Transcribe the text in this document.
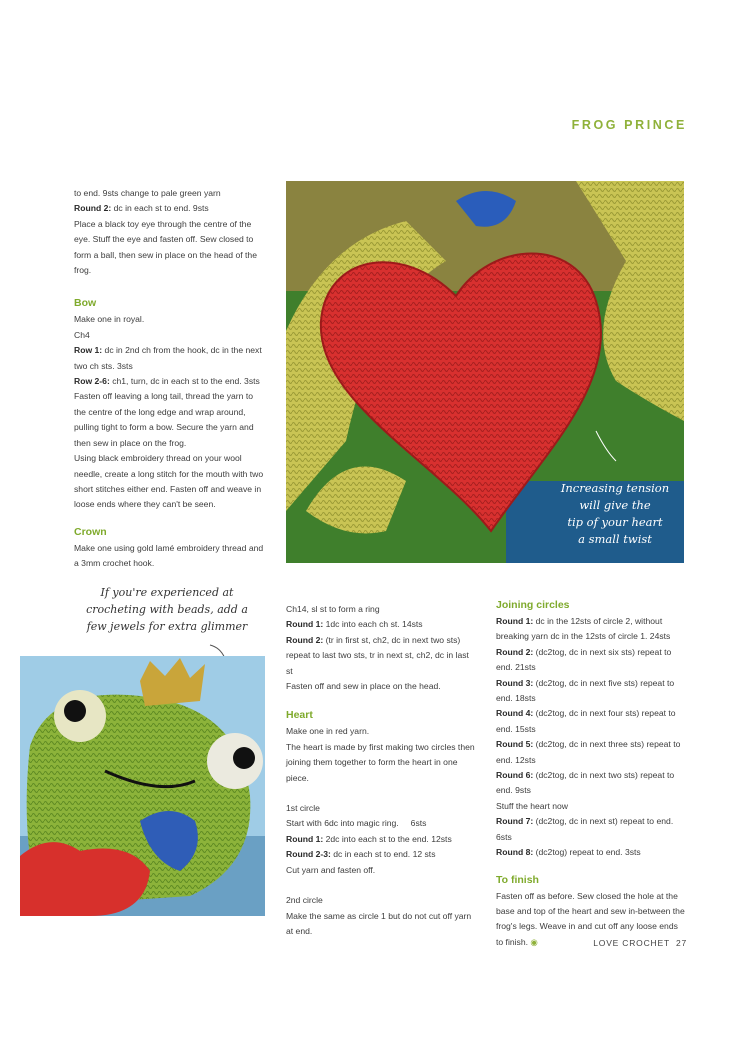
FROG PRINCE

to end. 9sts change to pale green yarn

Round 2: dc in each st to end. 9sts

Place a black toy eye through the centre of the eye. Stuff the eye and fasten off. Sew closed to form a ball, then sew in place on the head of the frog.

Bow

Make one in royal.

Ch4

Row 1: dc in 2nd ch from the hook, dc in the next two ch sts. 3sts

Row 2-6: ch1, turn, dc in each st to the end. 3sts

Fasten off leaving a long tail, thread the yarn to the centre of the long edge and wrap around, pulling tight to form a bow. Secure the yarn and then sew in place on the frog.

Using black embroidery thread on your wool needle, create a long stitch for the mouth with two short stitches either end. Fasten off and weave in loose ends where they can't be seen.

Crown

Make one using gold lamé embroidery thread and a 3mm crochet hook.

Increasing tension
will give the
tip of your heart
a small twist
If you're experienced at
crocheting with beads, add a
few jewels for extra glimmer

Ch14, sl st to form a ring

Round 1: 1dc into each ch st. 14sts

Round 2: (tr in first st, ch2, dc in next two sts) repeat to last two sts, tr in next st, ch2, dc in last st

Fasten off and sew in place on the head.

Heart

Make one in red yarn.

The heart is made by first making two circles then joining them together to form the heart in one piece.

1st circle

Start with 6dc into magic ring.     6sts

Round 1: 2dc into each st to the end. 12sts

Round 2-3: dc in each st to end. 12 sts

Cut yarn and fasten off.

2nd circle

Make the same as circle 1 but do not cut off yarn at end.

Joining circles

Round 1: dc in the 12sts of circle 2, without breaking yarn dc in the 12sts of circle 1. 24sts

Round 2: (dc2tog, dc in next six sts) repeat to end. 21sts

Round 3: (dc2tog, dc in next five sts) repeat to end. 18sts

Round 4: (dc2tog, dc in next four sts) repeat to end. 15sts

Round 5: (dc2tog, dc in next three sts) repeat to end. 12sts

Round 6: (dc2tog, dc in next two sts) repeat to end. 9sts

Stuff the heart now

Round 7: (dc2tog, dc in next st) repeat to end. 6sts

Round 8: (dc2tog) repeat to end. 3sts

To finish

Fasten off as before. Sew closed the hole at the base and top of the heart and sew in-between the frog's legs. Weave in and cut off any loose ends to finish. ◉	LOVE CROCHET 27
